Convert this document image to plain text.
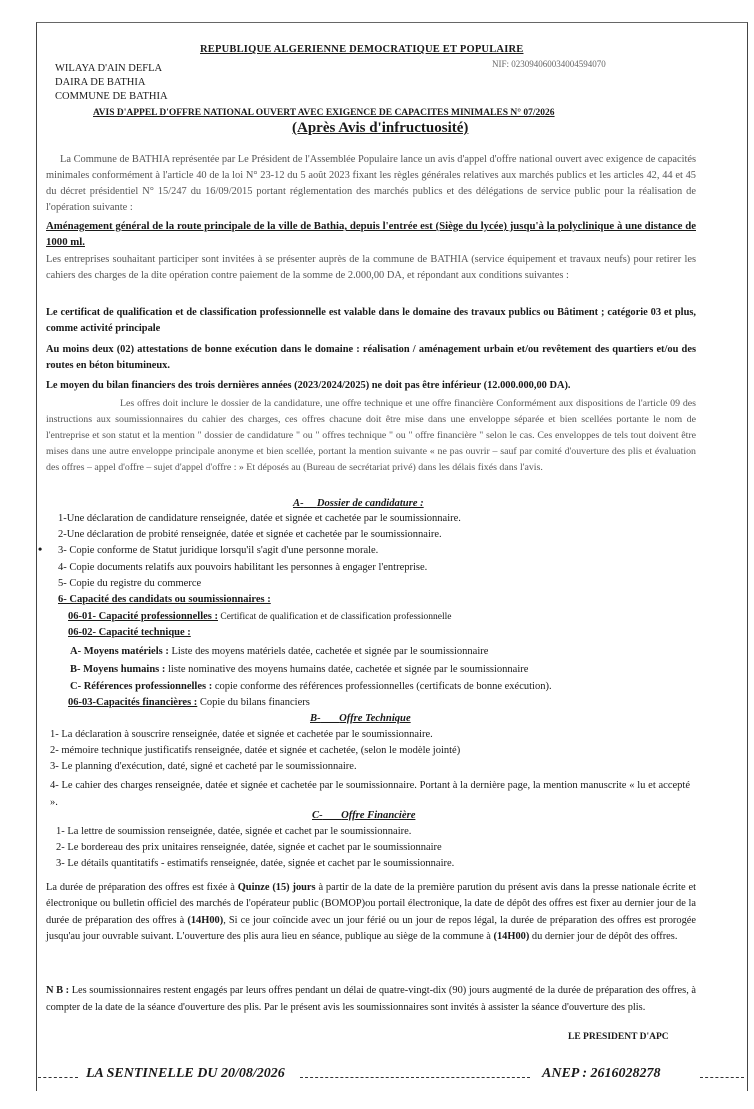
REPUBLIQUE ALGERIENNE DEMOCRATIQUE ET POPULAIRE
NIF: 023094060034004594070
WILAYA D'AIN DEFLA
DAIRA DE BATHIA
COMMUNE DE BATHIA
AVIS D'APPEL D'OFFRE NATIONAL OUVERT AVEC EXIGENCE DE CAPACITES MINIMALES N° 07/2026
(Après Avis d'infructuosité)
La Commune de BATHIA représentée par Le Président de l'Assemblée Populaire lance un avis d'appel d'offre national ouvert avec exigence de capacités minimales conformément à l'article 40 de la loi N° 23-12 du 5 août 2023 fixant les règles générales relatives aux marchés publics et les articles 42, 44 et 45 du décret présidentiel N° 15/247 du 16/09/2015 portant réglementation des marchés publics et des délégations de service public pour la réalisation de l'opération suivante :
Aménagement général de la route principale de la ville de Bathia, depuis l'entrée est (Siège du lycée) jusqu'à la polyclinique à une distance de 1000 ml.
Les entreprises souhaitant participer sont invitées à se présenter auprès de la commune de BATHIA (service équipement et travaux neufs) pour retirer les cahiers des charges de la dite opération contre paiement de la somme de 2.000,00 DA, et répondant aux conditions suivantes :
Le certificat de qualification et de classification professionnelle est valable dans le domaine des travaux publics ou Bâtiment ; catégorie 03 et plus, comme activité principale
Au moins deux (02) attestations de bonne exécution dans le domaine : réalisation / aménagement urbain et/ou revêtement des quartiers et/ou des routes en béton bitumineux.
Le moyen du bilan financiers des trois dernières années (2023/2024/2025) ne doit pas être inférieur (12.000.000,00 DA).
Les offres doit inclure le dossier de la candidature, une offre technique et une offre financière Conformément aux dispositions de l'article 09 des instructions aux soumissionnaires du cahier des charges, ces offres chacune doit être mise dans une enveloppe séparée et bien scellées portante le nom de l'entreprise et son statut et la mention " dossier de candidature " ou " offres technique " ou " offre financière " selon le cas. Ces enveloppes de tels tout doivent être mises dans une autre enveloppe principale anonyme et bien scellée, portant la mention suivante « ne pas ouvrir – sauf par comité d'ouverture des plis et évaluation des offres – appel d'offre – sujet d'appel d'offre : » Et déposés au (Bureau de secrétariat privé) dans les délais fixés dans l'avis.
A- Dossier de candidature :
•
1-Une déclaration de candidature renseignée, datée et signée et cachetée par le soumissionnaire.
2-Une déclaration de probité renseignée, datée et signée et cachetée par le soumissionnaire.
3- Copie conforme de Statut juridique lorsqu'il s'agit d'une personne morale.
4- Copie documents relatifs aux pouvoirs habilitant les personnes à engager l'entreprise.
5- Copie du registre du commerce
6- Capacité des candidats ou soumissionnaires :
06-01- Capacité professionnelles : Certificat de qualification et de classification professionnelle
06-02- Capacité technique :
A- Moyens matériels : Liste des moyens matériels datée, cachetée et signée par le soumissionnaire
B- Moyens humains : liste nominative des moyens humains datée, cachetée et signée par le soumissionnaire
C- Références professionnelles : copie conforme des références professionnelles (certificats de bonne exécution).
06-03-Capacités financières : Copie du bilans financiers
B- Offre Technique
1- La déclaration à souscrire renseignée, datée et signée et cachetée par le soumissionnaire.
2- mémoire technique justificatifs renseignée, datée et signée et cachetée, (selon le modèle jointé)
3- Le planning d'exécution, daté, signé et cacheté par le soumissionnaire.
4- Le cahier des charges renseignée, datée et signée et cachetée par le soumissionnaire. Portant à la dernière page, la mention manuscrite « lu et accepté ».
C- Offre Financière
1- La lettre de soumission renseignée, datée, signée et cachet par le soumissionnaire.
2- Le bordereau des prix unitaires renseignée, datée, signée et cachet par le soumissionnaire
3- Le détails quantitatifs - estimatifs renseignée, datée, signée et cachet par le soumissionnaire.
La durée de préparation des offres est fixée à Quinze (15) jours à partir de la date de la première parution du présent avis dans la presse nationale écrite et électronique ou bulletin officiel des marchés de l'opérateur public (BOMOP)ou portail électronique, la date de dépôt des offres est fixer au dernier jour de la durée de préparation des offres à (14H00), Si ce jour coïncide avec un jour férié ou un jour de repos légal, la durée de préparation des offres est prorogée jusqu'au jour ouvrable suivant. L'ouverture des plis aura lieu en séance, publique au siège de la commune à (14H00) du dernier jour de dépôt des offres.
N B : Les soumissionnaires restent engagés par leurs offres pendant un délai de quatre-vingt-dix (90) jours augmenté de la durée de préparation des offres, à compter de la date de la séance d'ouverture des plis. Par le présent avis les soumissionnaires sont invités à assister la séance d'ouverture des plis.
LE PRESIDENT D'APC
LA SENTINELLE DU 20/08/2026	ANEP : 2616028278
